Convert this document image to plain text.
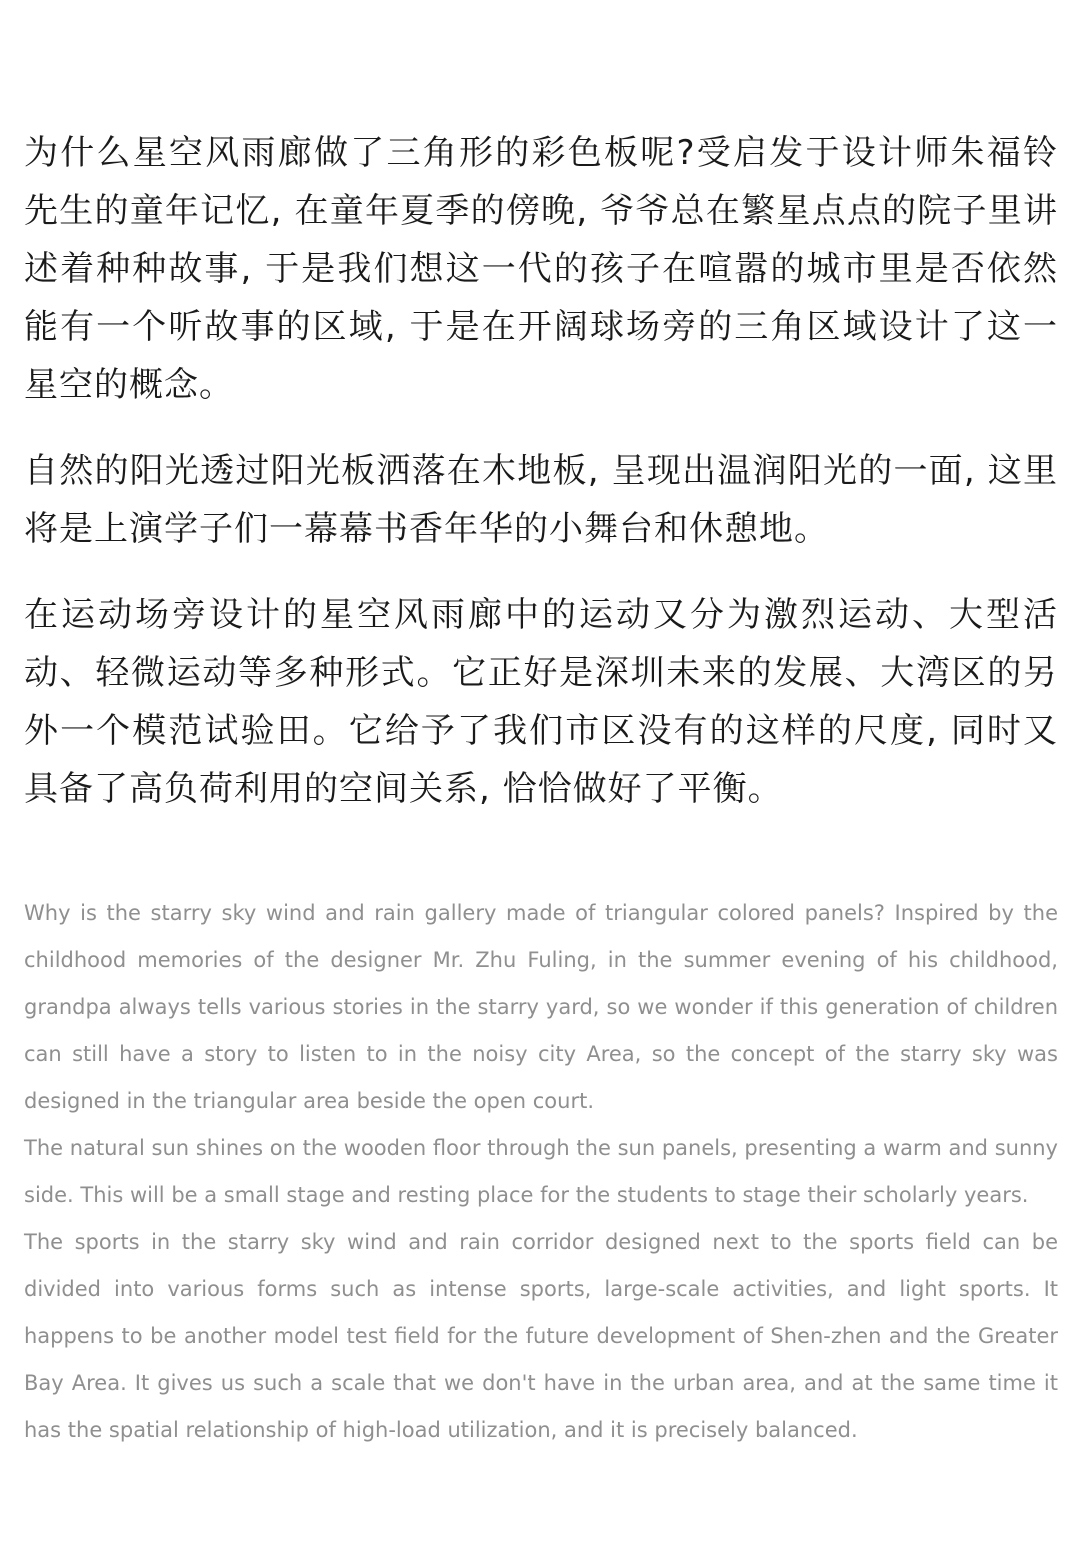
为什么星空风雨廊做了三角形的彩色板呢?受启发于设计师朱福铃先生的童年记忆, 在童年夏季的傍晚, 爷爷总在繁星点点的院子里讲述着种种故事, 于是我们想这一代的孩子在喧嚣的城市里是否依然能有一个听故事的区域, 于是在开阔球场旁的三角区域设计了这一星空的概念。

自然的阳光透过阳光板洒落在木地板, 呈现出温润阳光的一面, 这里将是上演学子们一幕幕书香年华的小舞台和休憩地。

在运动场旁设计的星空风雨廊中的运动又分为激烈运动、大型活动、轻微运动等多种形式。它正好是深圳未来的发展、大湾区的另外一个模范试验田。它给予了我们市区没有的这样的尺度, 同时又具备了高负荷利用的空间关系, 恰恰做好了平衡。

Why is the starry sky wind and rain gallery made of triangular colored panels? Inspired by the childhood memories of the designer Mr. Zhu Fuling, in the summer evening of his childhood, grandpa always tells various stories in the starry yard, so we wonder if this generation of children can still have a story to listen to in the noisy city Area, so the concept of the starry sky was designed in the triangular area beside the open court.

The natural sun shines on the wooden floor through the sun panels, presenting a warm and sunny side. This will be a small stage and resting place for the students to stage their scholarly years.

The sports in the starry sky wind and rain corridor designed next to the sports field can be divided into various forms such as intense sports, large-scale activities, and light sports. It happens to be another model test field for the future development of Shen-zhen and the Greater Bay Area. It gives us such a scale that we don't have in the urban area, and at the same time it has the spatial relationship of high-load utilization, and it is precisely balanced.
